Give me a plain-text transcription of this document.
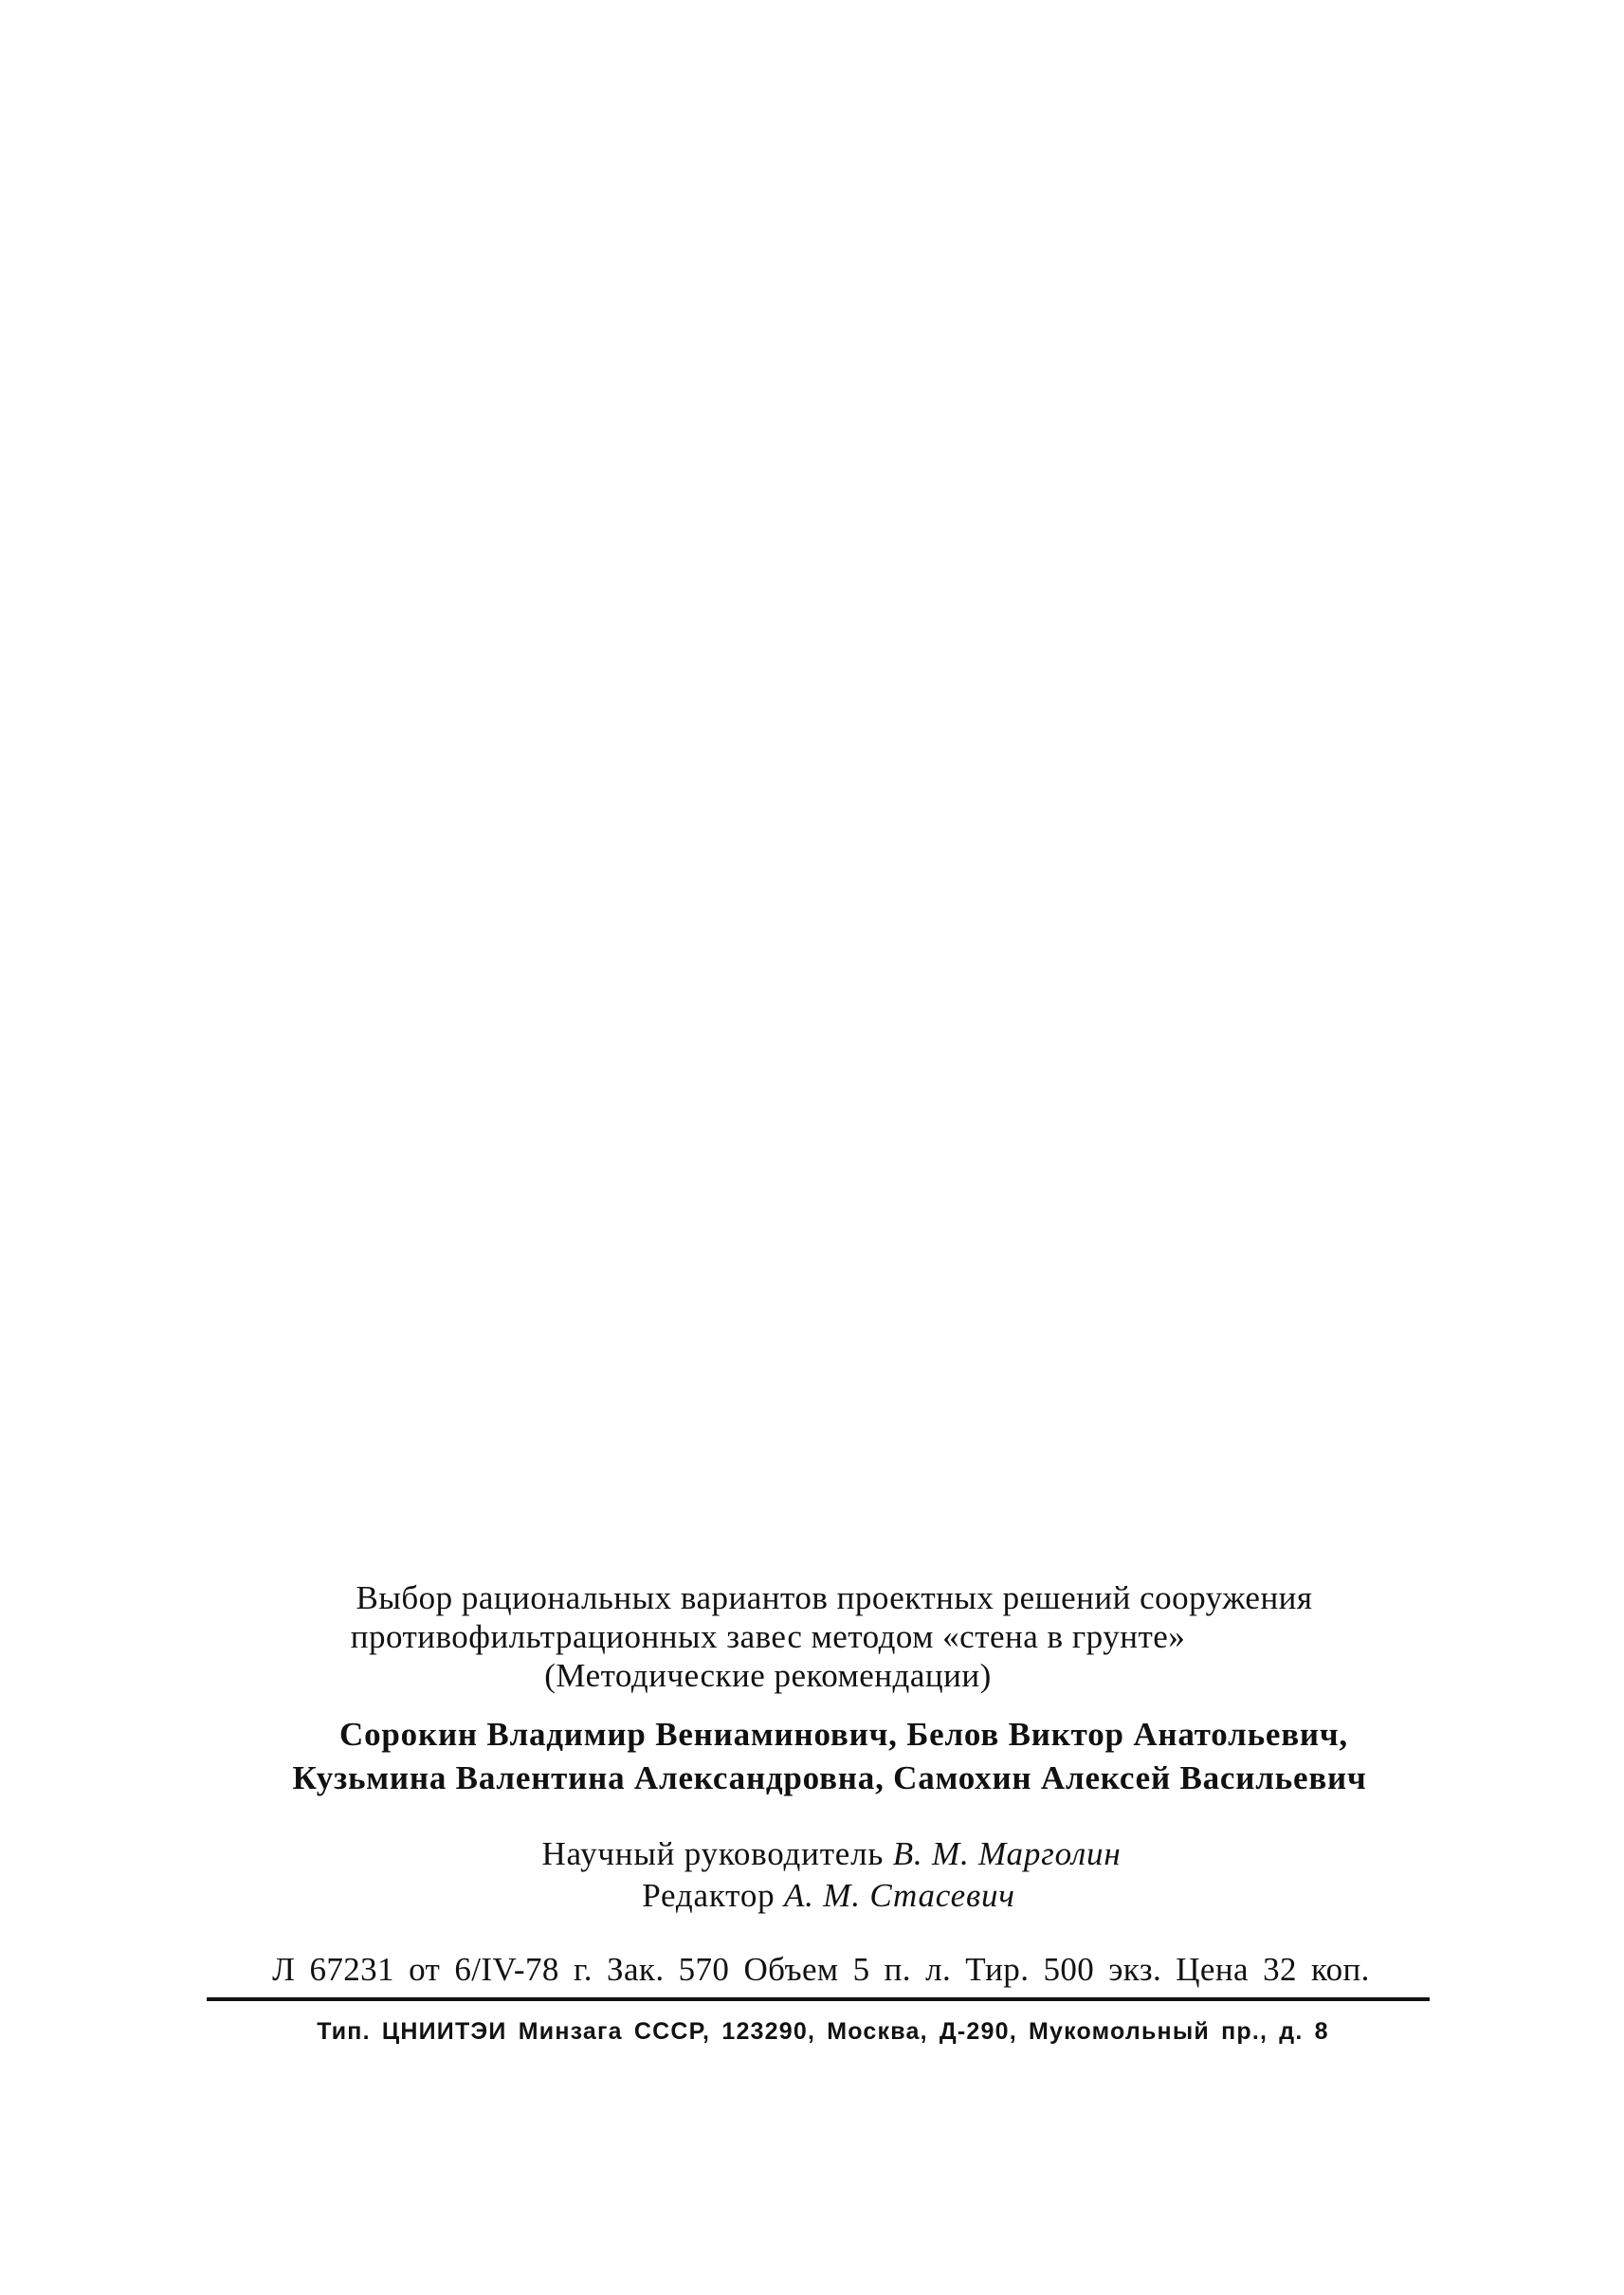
Выбор рациональных вариантов проектных решений сооружения
противофильтрационных завес методом «стена в грунте»
(Методические рекомендации)
Сорокин Владимир Вениаминович, Белов Виктор Анатольевич,
Кузьмина Валентина Александровна, Самохин Алексей Васильевич
Научный руководитель В. М. Марголин
Редактор А. М. Стасевич
Л 67231 от 6/IV-78 г. Зак. 570 Объем 5 п. л. Тир. 500 экз. Цена 32 коп.
Тип. ЦНИИТЭИ Минзага СССР, 123290, Москва, Д-290, Мукомольный пр., д. 8
